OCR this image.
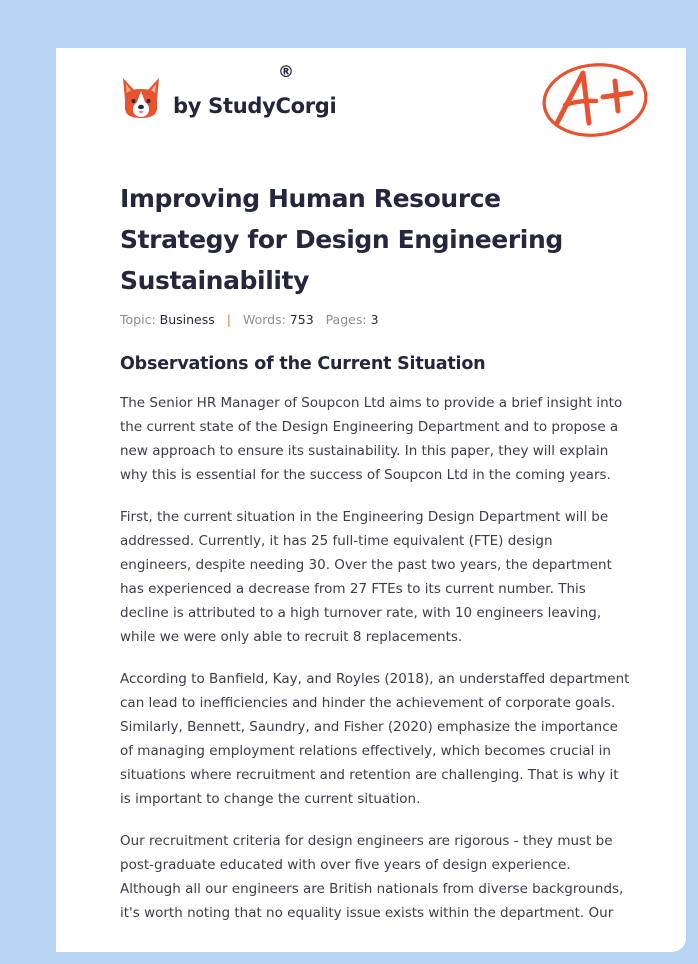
by StudyCorgi
®
Improving Human Resource
Strategy for Design Engineering
Sustainability
Topic: Business | Words: 753 Pages: 3
Observations of the Current Situation

The Senior HR Manager of Soupcon Ltd aims to provide a brief insight into
the current state of the Design Engineering Department and to propose a
new approach to ensure its sustainability. In this paper, they will explain
why this is essential for the success of Soupcon Ltd in the coming years.

First, the current situation in the Engineering Design Department will be
addressed. Currently, it has 25 full-time equivalent (FTE) design
engineers, despite needing 30. Over the past two years, the department
has experienced a decrease from 27 FTEs to its current number. This
decline is attributed to a high turnover rate, with 10 engineers leaving,
while we were only able to recruit 8 replacements.

According to Banfield, Kay, and Royles (2018), an understaffed department
can lead to inefficiencies and hinder the achievement of corporate goals.
Similarly, Bennett, Saundry, and Fisher (2020) emphasize the importance
of managing employment relations effectively, which becomes crucial in
situations where recruitment and retention are challenging. That is why it
is important to change the current situation.

Our recruitment criteria for design engineers are rigorous - they must be
post-graduate educated with over five years of design experience.
Although all our engineers are British nationals from diverse backgrounds,
it's worth noting that no equality issue exists within the department. Our
